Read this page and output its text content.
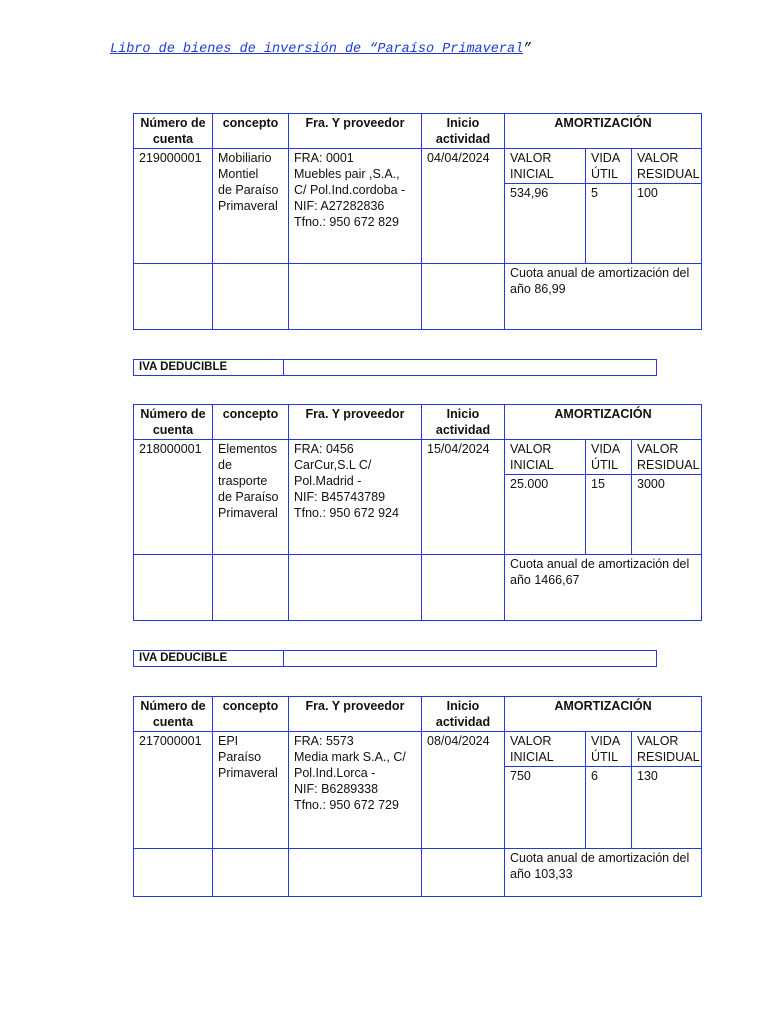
Libro de bienes de inversión de “Paraíso Primaveral”
Número de cuenta	concepto	Fra. Y proveedor	Inicio actividad	AMORTIZACIÓN		
219000001	Mobiliario
Montiel
de Paraíso
Primaveral	FRA: 0001
Muebles pair ,S.A.,
C/ Pol.Ind.cordoba -
NIF: A27282836
Tfno.: 950 672 829	04/04/2024	VALOR INICIAL	VIDA ÚTIL	VALOR RESIDUAL
				534,96	5	100
				Cuota anual de amortización del año 86,99		
IVA DEDUCIBLE	
Número de cuenta	concepto	Fra. Y proveedor	Inicio actividad	AMORTIZACIÓN		
218000001	Elementos
de
trasporte
de Paraíso
Primaveral	FRA: 0456
CarCur,S.L C/
Pol.Madrid -
NIF: B45743789
Tfno.: 950 672 924	15/04/2024	VALOR INICIAL	VIDA ÚTIL	VALOR RESIDUAL
				25.000	15	3000
				Cuota anual de amortización del año 1466,67		
IVA DEDUCIBLE	
Número de cuenta	concepto	Fra. Y proveedor	Inicio actividad	AMORTIZACIÓN		
217000001	EPI
Paraíso
Primaveral	FRA: 5573
Media mark S.A., C/
Pol.Ind.Lorca -
NIF: B6289338
Tfno.: 950 672 729	08/04/2024	VALOR INICIAL	VIDA ÚTIL	VALOR RESIDUAL
				750	6	130
				Cuota anual de amortización del año 103,33		
